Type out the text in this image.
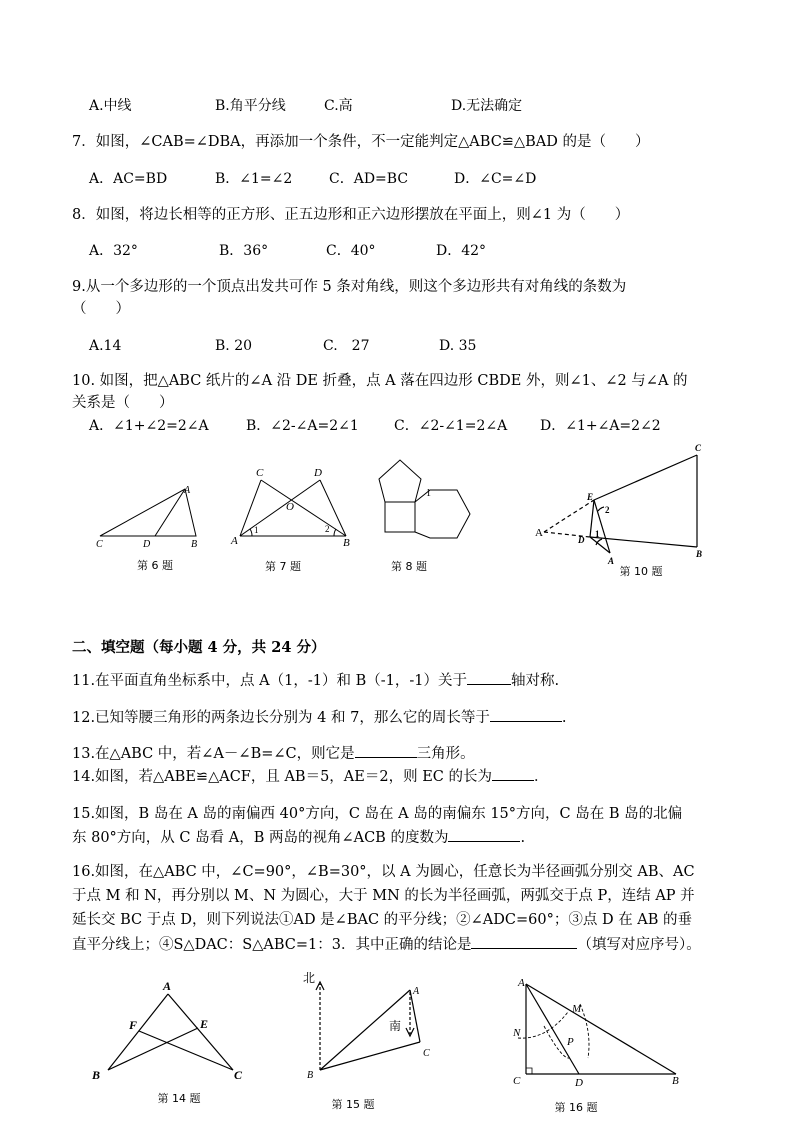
A.中线	B.角平分线	C.高	D.无法确定
7．如图，∠CAB=∠DBA，再添加一个条件，不一定能判定△ABC≌△BAD 的是（　　）
A．AC=BD	B．∠1=∠2	C．AD=BC	D．∠C=∠D
8．如图，将边长相等的正方形、正五边形和正六边形摆放在平面上，则∠1 为（　　）
A．32°	B．36°	C．40°	D．42°
9.从一个多边形的一个顶点出发共可作 5 条对角线，则这个多边形共有对角线的条数为
（　　）
A.14	B. 20	C.　27	D. 35
10. 如图，把△ABC 纸片的∠A 沿 DE 折叠，点 A 落在四边形 CBDE 外，则∠1、∠2 与∠A 的
关系是（　　）
A．∠1+∠2=2∠A	B．∠2-∠A=2∠1	C．∠2-∠1=2∠A D．∠1+∠A=2∠2
A
C	D	B
第 6 题
C	D
O
A	B
1	2
第 7 题
1
第 8 题
C
E
D
A
B
2
1
A
第 10 题
二、填空题（每小题 4 分，共 24 分）
11.在平面直角坐标系中，点 A（1，-1）和 B（-1，-1）关于	轴对称.
12.已知等腰三角形的两条边长分别为 4 和 7，那么它的周长等于	.
13.在△ABC 中，若∠A－∠B=∠C，则它是	三角形。
14.如图，若△ABE≌△ACF，且 AB＝5，AE＝2，则 EC 的长为	．
15.如图，B 岛在 A 岛的南偏西 40°方向，C 岛在 A 岛的南偏东 15°方向，C 岛在 B 岛的北偏
东 80°方向，从 C 岛看 A，B 两岛的视角∠ACB 的度数为	.
16.如图，在△ABC 中，∠C=90°，∠B=30°，以 A 为圆心，任意长为半径画弧分别交 AB、AC
于点 M 和 N，再分别以 M、N 为圆心，大于 MN 的长为半径画弧，两弧交于点 P，连结 AP 并
延长交 BC 于点 D，则下列说法①AD 是∠BAC 的平分线；②∠ADC=60°；③点 D 在 AB 的垂
直平分线上；④S△DAC：S△ABC=1：3．其中正确的结论是	（填写对应序号）。
A
F	E
B	C
第 14 题
北
南
A
B
C
第 15 题
A
M
N
P
C	D	B
第 16 题
